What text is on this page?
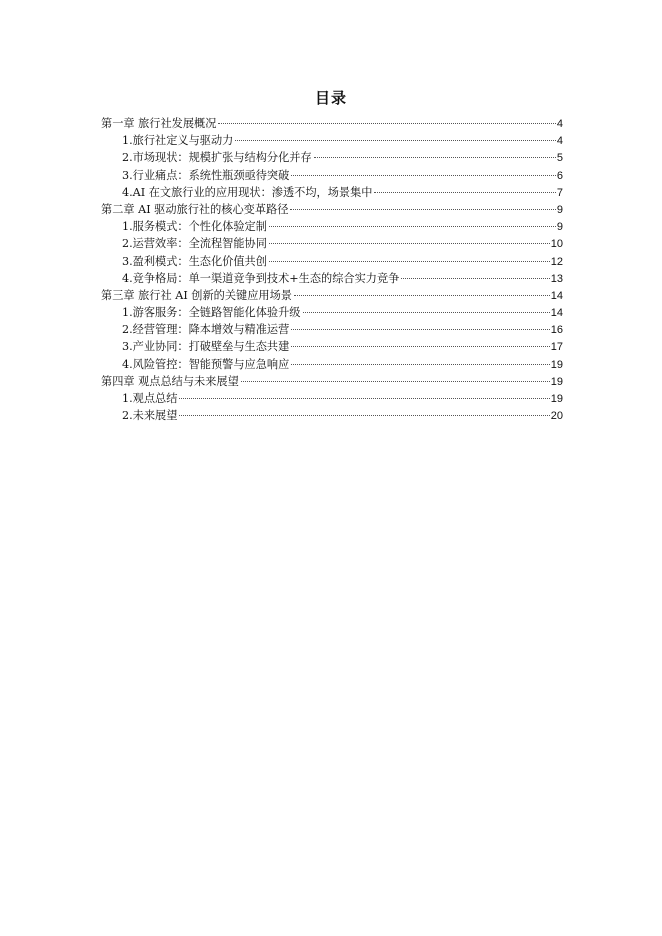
目录
第一章 旅行社发展概况	4
1.旅行社定义与驱动力	4
2.市场现状：规模扩张与结构分化并存	5
3.行业痛点：系统性瓶颈亟待突破	6
4.AI 在文旅行业的应用现状：渗透不均，场景集中	7
第二章 AI 驱动旅行社的核心变革路径	9
1.服务模式：个性化体验定制	9
2.运营效率：全流程智能协同	10
3.盈利模式：生态化价值共创	12
4.竞争格局：单一渠道竞争到技术+生态的综合实力竞争	13
第三章 旅行社 AI 创新的关键应用场景	14
1.游客服务：全链路智能化体验升级	14
2.经营管理：降本增效与精准运营	16
3.产业协同：打破壁垒与生态共建	17
4.风险管控：智能预警与应急响应	19
第四章 观点总结与未来展望	19
1.观点总结	19
2.未来展望	20
